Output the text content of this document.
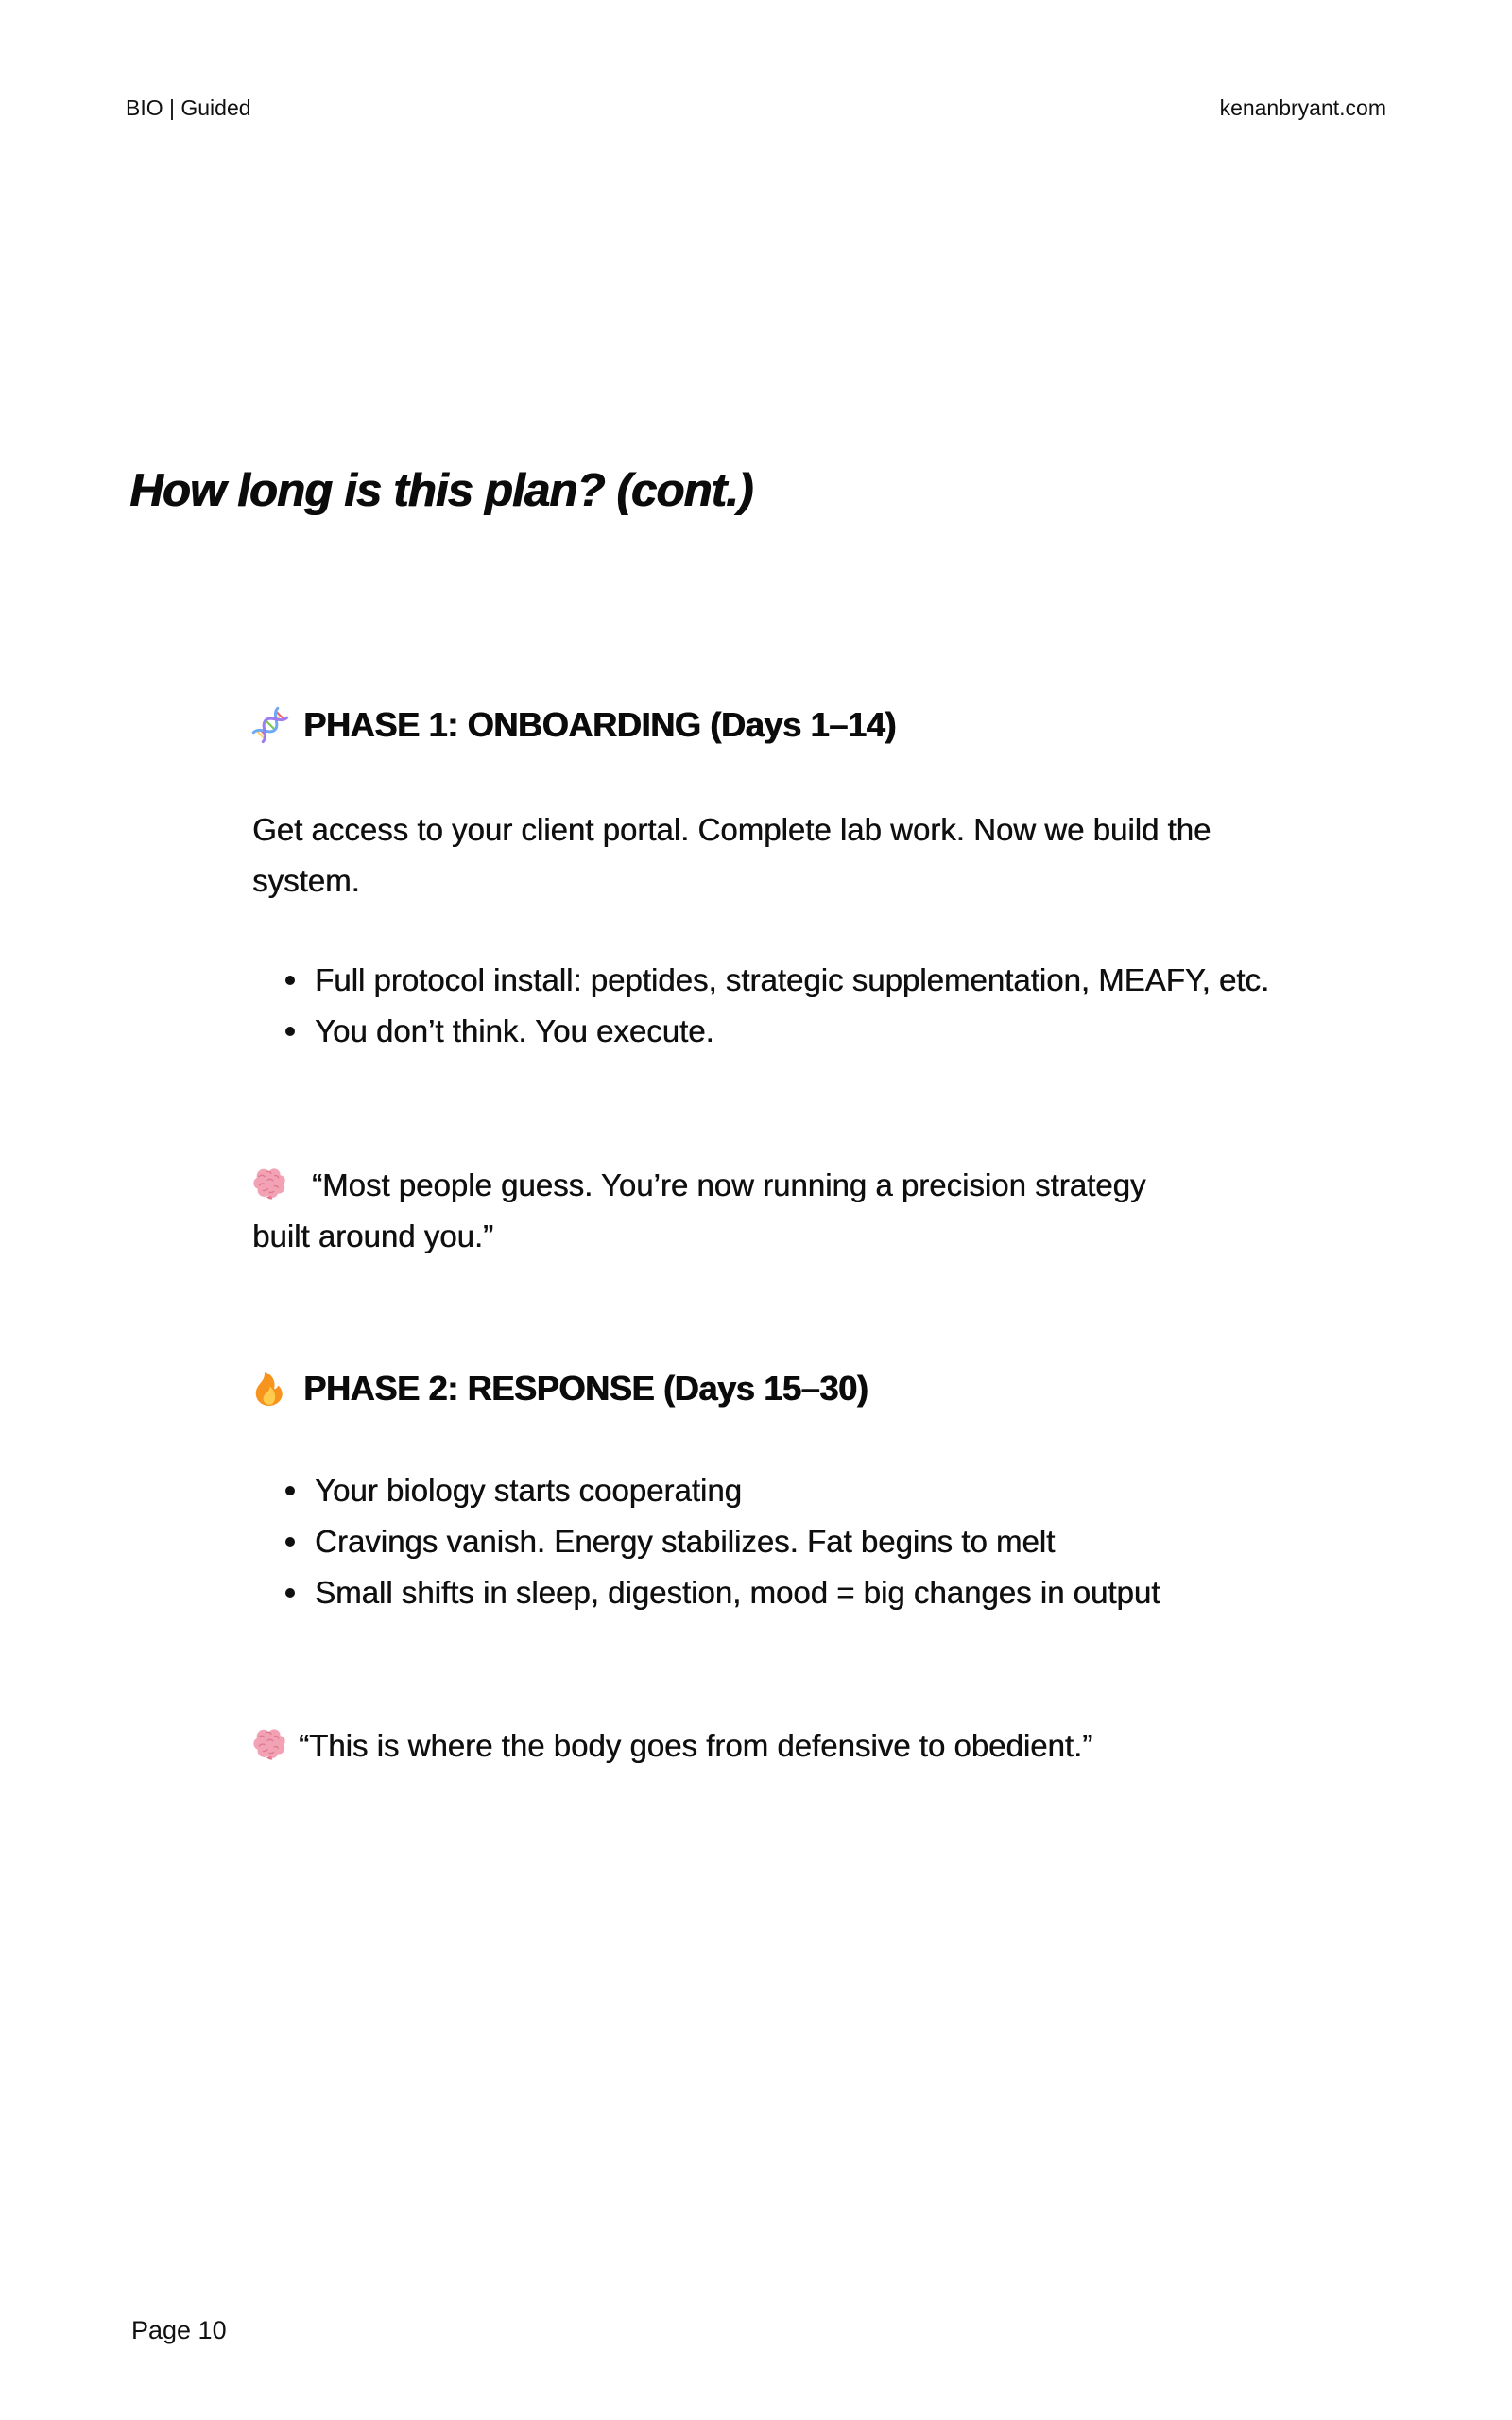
BIO | Guided	kenanbryant.com
How long is this plan? (cont.)
PHASE 1: ONBOARDING (Days 1–14)

Get access to your client portal. Complete lab work. Now we build the system.

Full protocol install: peptides, strategic supplementation, MEAFY, etc.
You don’t think. You execute.

“Most people guess. You’re now running a precision strategy built around you.”

PHASE 2: RESPONSE (Days 15–30)
Your biology starts cooperating
Cravings vanish. Energy stabilizes. Fat begins to melt
Small shifts in sleep, digestion, mood = big changes in output

“This is where the body goes from defensive to obedient.”

Page 10
